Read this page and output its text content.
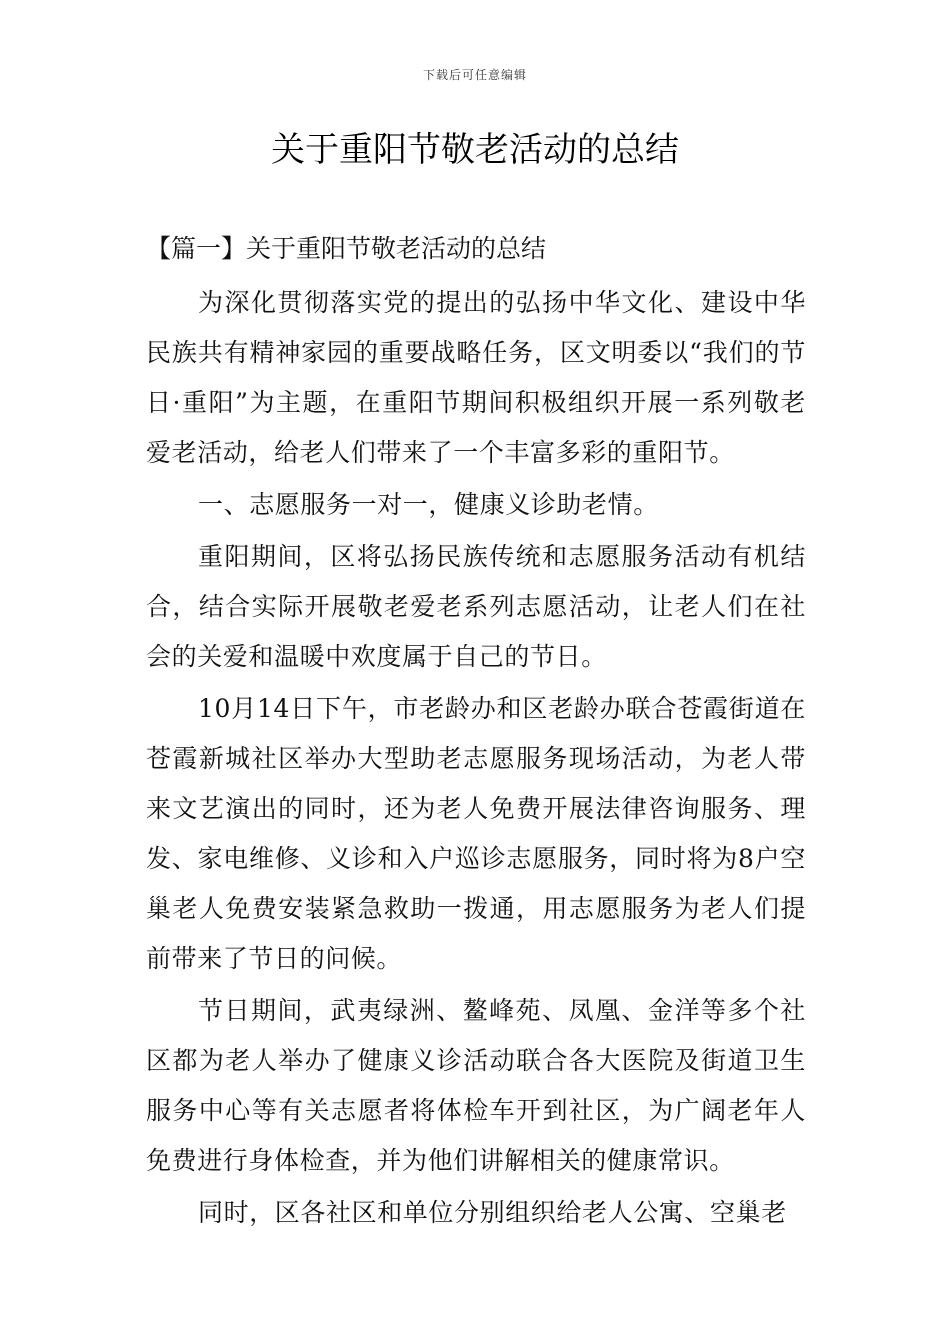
下载后可任意编辑
关于重阳节敬老活动的总结
【篇一】关于重阳节敬老活动的总结

为深化贯彻落实党的提出的弘扬中华文化、建设中华民族共有精神家园的重要战略任务，区文明委以“我们的节日·重阳”为主题，在重阳节期间积极组织开展一系列敬老爱老活动，给老人们带来了一个丰富多彩的重阳节。

一、志愿服务一对一，健康义诊助老情。

重阳期间，区将弘扬民族传统和志愿服务活动有机结合，结合实际开展敬老爱老系列志愿活动，让老人们在社会的关爱和温暖中欢度属于自己的节日。

10月14日下午，市老龄办和区老龄办联合苍霞街道在苍霞新城社区举办大型助老志愿服务现场活动，为老人带来文艺演出的同时，还为老人免费开展法律咨询服务、理发、家电维修、义诊和入户巡诊志愿服务，同时将为8户空巢老人免费安装紧急救助一拨通，用志愿服务为老人们提前带来了节日的问候。

节日期间，武夷绿洲、鳌峰苑、凤凰、金洋等多个社区都为老人举办了健康义诊活动联合各大医院及街道卫生服务中心等有关志愿者将体检车开到社区，为广阔老年人免费进行身体检查，并为他们讲解相关的健康常识。

同时，区各社区和单位分别组织给老人公寓、空巢老
